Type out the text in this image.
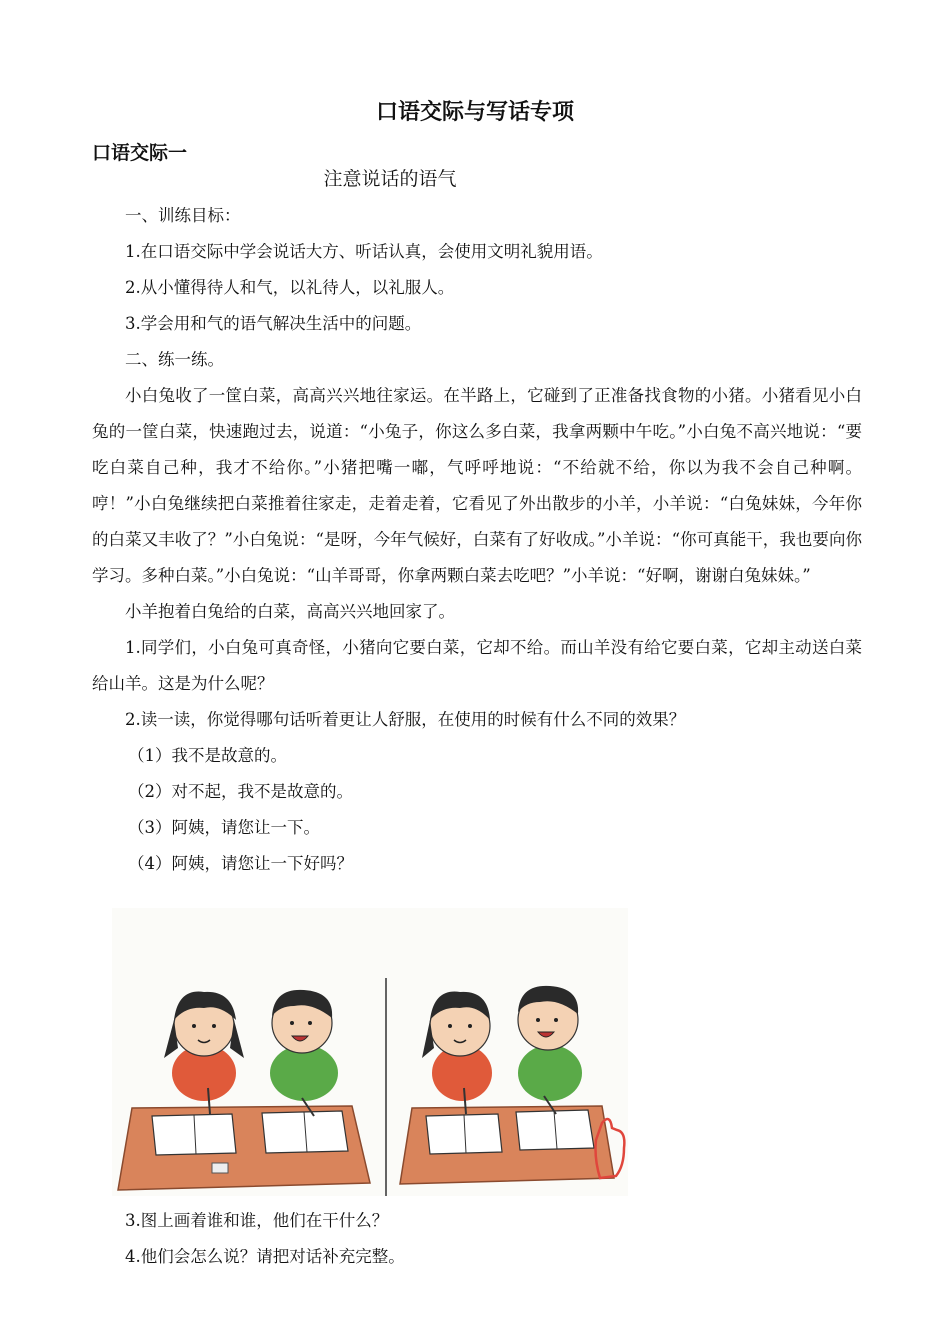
口语交际与写话专项
口语交际一
注意说话的语气
一、训练目标：
1.在口语交际中学会说话大方、听话认真，会使用文明礼貌用语。
2.从小懂得待人和气，以礼待人，以礼服人。
3.学会用和气的语气解决生活中的问题。
二、练一练。
小白兔收了一筐白菜，高高兴兴地往家运。在半路上，它碰到了正准备找食物的小猪。小猪看见小白兔的一筐白菜，快速跑过去，说道：“小兔子，你这么多白菜，我拿两颗中午吃。”小白兔不高兴地说：“要吃白菜自己种，我才不给你。”小猪把嘴一嘟，气呼呼地说：“不给就不给，你以为我不会自己种啊。哼！”小白兔继续把白菜推着往家走，走着走着，它看见了外出散步的小羊，小羊说：“白兔妹妹，今年你的白菜又丰收了？”小白兔说：“是呀，今年气候好，白菜有了好收成。”小羊说：“你可真能干，我也要向你学习。多种白菜。”小白兔说：“山羊哥哥，你拿两颗白菜去吃吧？”小羊说：“好啊，谢谢白兔妹妹。”
小羊抱着白兔给的白菜，高高兴兴地回家了。
1.同学们，小白兔可真奇怪，小猪向它要白菜，它却不给。而山羊没有给它要白菜，它却主动送白菜给山羊。这是为什么呢？
2.读一读，你觉得哪句话听着更让人舒服，在使用的时候有什么不同的效果？
（1）我不是故意的。
（2）对不起，我不是故意的。
（3）阿姨，请您让一下。
（4）阿姨，请您让一下好吗？
3.图上画着谁和谁，他们在干什么？
4.他们会怎么说？请把对话补充完整。
